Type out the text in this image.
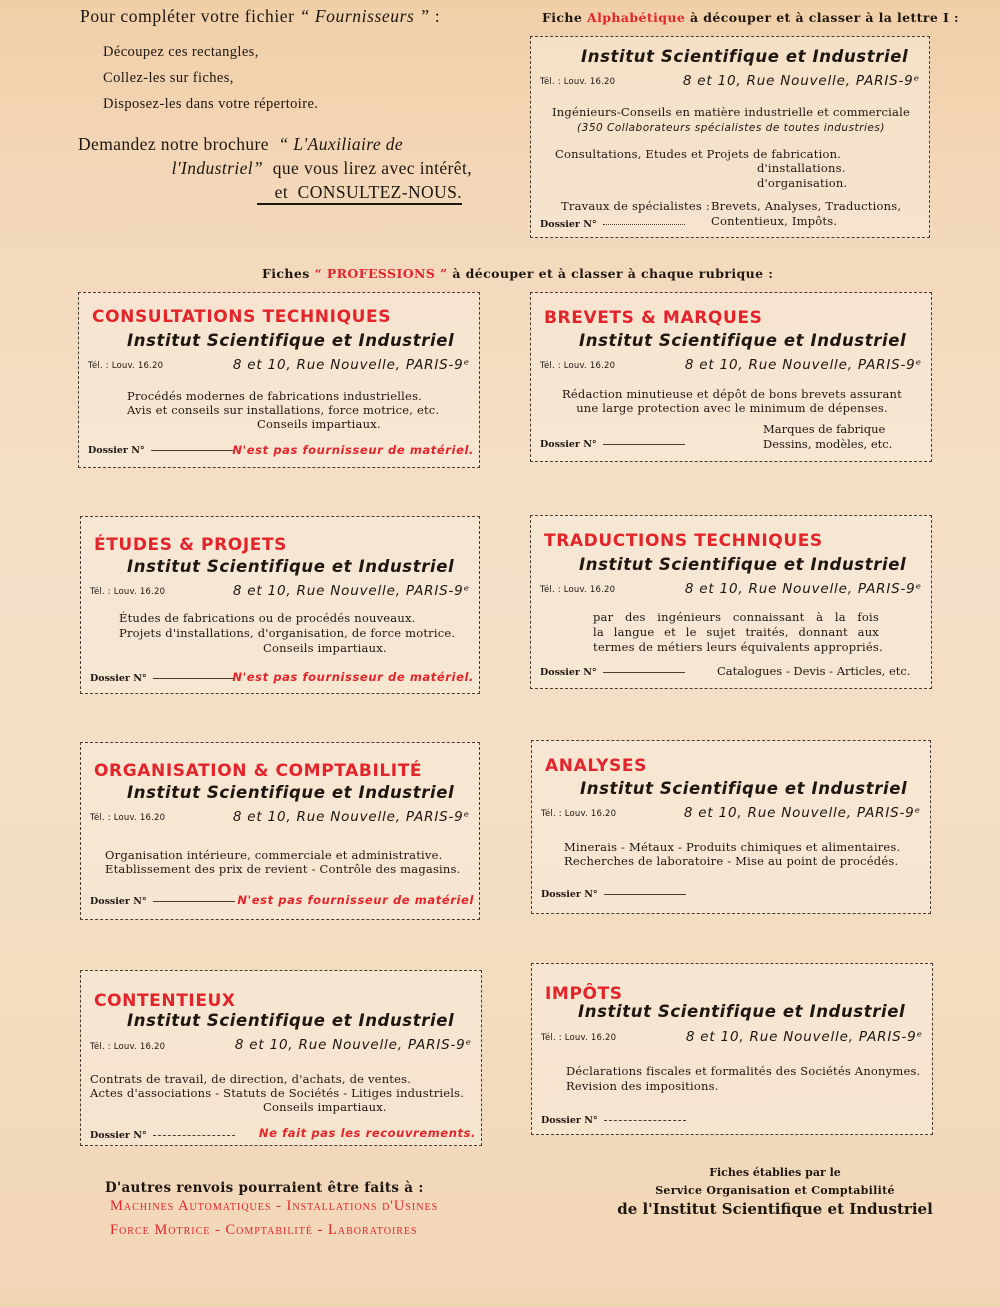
Pour compléter votre fichier “ Fournisseurs ” :
Découpez ces rectangles,
Collez-les sur fiches,
Disposez-les dans votre répertoire.
Demandez notre brochure “ L'Auxiliaire de
l'Industriel” que vous lirez avec intérêt,
et CONSULTEZ-NOUS.
Fiche Alphabétique à découper et à classer à la lettre I :
Institut Scientifique et Industriel
Tél. : Louv. 16.20	8 et 10, Rue Nouvelle, PARIS-9ᵉ
Ingénieurs-Conseils en matière industrielle et commerciale
(350 Collaborateurs spécialistes de toutes industries)
Consultations, Etudes et Projets de fabrication.
d'installations.
d'organisation.
Travaux de spécialistes : Brevets, Analyses, Traductions,
Contentieux, Impôts.
Dossier N°
Fiches “ PROFESSIONS ” à découper et à classer à chaque rubrique :
CONSULTATIONS TECHNIQUES
Institut Scientifique et Industriel
Tél. : Louv. 16.20	8 et 10, Rue Nouvelle, PARIS-9ᵉ
Procédés modernes de fabrications industrielles.
Avis et conseils sur installations, force motrice, etc.
Conseils impartiaux.
Dossier N°	N'est pas fournisseur de matériel.
BREVETS & MARQUES
Institut Scientifique et Industriel
Tél. : Louv. 16.20	8 et 10, Rue Nouvelle, PARIS-9ᵉ
Rédaction minutieuse et dépôt de bons brevets assurant
une large protection avec le minimum de dépenses.
Marques de fabrique
Dessins, modèles, etc.
Dossier N°
ÉTUDES & PROJETS
Institut Scientifique et Industriel
Tél. : Louv. 16.20	8 et 10, Rue Nouvelle, PARIS-9ᵉ
Études de fabrications ou de procédés nouveaux.
Projets d'installations, d'organisation, de force motrice.
Conseils impartiaux.
Dossier N°	N'est pas fournisseur de matériel.
TRADUCTIONS TECHNIQUES
Institut Scientifique et Industriel
Tél. : Louv. 16.20	8 et 10, Rue Nouvelle, PARIS-9ᵉ
par des ingénieurs connaissant à la fois
la langue et le sujet traités, donnant aux
termes de métiers leurs équivalents appropriés.
Catalogues - Devis - Articles, etc.
Dossier N°
ORGANISATION & COMPTABILITÉ
Institut Scientifique et Industriel
Tél. : Louv. 16.20	8 et 10, Rue Nouvelle, PARIS-9ᵉ
Organisation intérieure, commerciale et administrative.
Etablissement des prix de revient - Contrôle des magasins.
Dossier N°	N'est pas fournisseur de matériel
ANALYSES
Institut Scientifique et Industriel
Tél. : Louv. 16.20	8 et 10, Rue Nouvelle, PARIS-9ᵉ
Minerais - Métaux - Produits chimiques et alimentaires.
Recherches de laboratoire - Mise au point de procédés.
Dossier N°
CONTENTIEUX
Institut Scientifique et Industriel
Tél. : Louv. 16.20	8 et 10, Rue Nouvelle, PARIS-9ᵉ
Contrats de travail, de direction, d'achats, de ventes.
Actes d'associations - Statuts de Sociétés - Litiges industriels.
Conseils impartiaux.
Dossier N°	Ne fait pas les recouvrements.
IMPÔTS
Institut Scientifique et Industriel
Tél. : Louv. 16.20	8 et 10, Rue Nouvelle, PARIS-9ᵉ
Déclarations fiscales et formalités des Sociétés Anonymes.
Revision des impositions.
Dossier N°
D'autres renvois pourraient être faits à :
Machines Automatiques - Installations d'Usines
Force Motrice - Comptabilité - Laboratoires
Fiches établies par le
Service Organisation et Comptabilité
de l'Institut Scientifique et Industriel
